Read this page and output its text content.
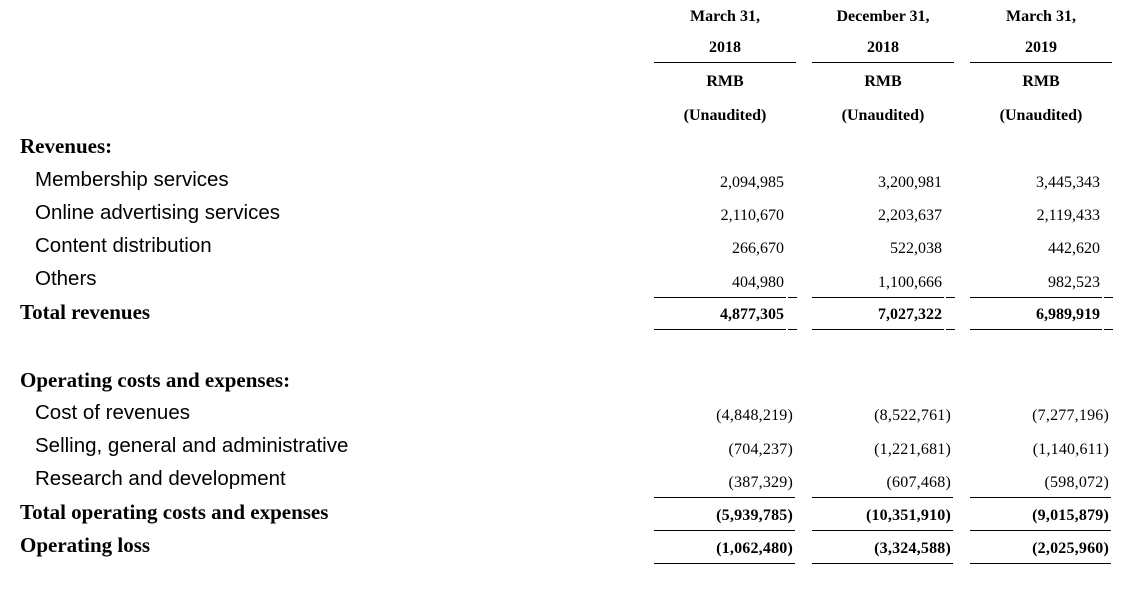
March 31,	December 31,	March 31,
2018	2018	2019
RMB	RMB	RMB
(Unaudited)	(Unaudited)	(Unaudited)
Revenues:
Membership services	2,094,985	3,200,981	3,445,343
Online advertising services	2,110,670	2,203,637	2,119,433
Content distribution	266,670	522,038	442,620
Others	404,980	1,100,666	982,523
Total revenues	4,877,305	7,027,322	6,989,919
Operating costs and expenses:
Cost of revenues	(4,848,219)	(8,522,761)	(7,277,196)
Selling, general and administrative	(704,237)	(1,221,681)	(1,140,611)
Research and development	(387,329)	(607,468)	(598,072)
Total operating costs and expenses	(5,939,785)	(10,351,910)	(9,015,879)
Operating loss	(1,062,480)	(3,324,588)	(2,025,960)
